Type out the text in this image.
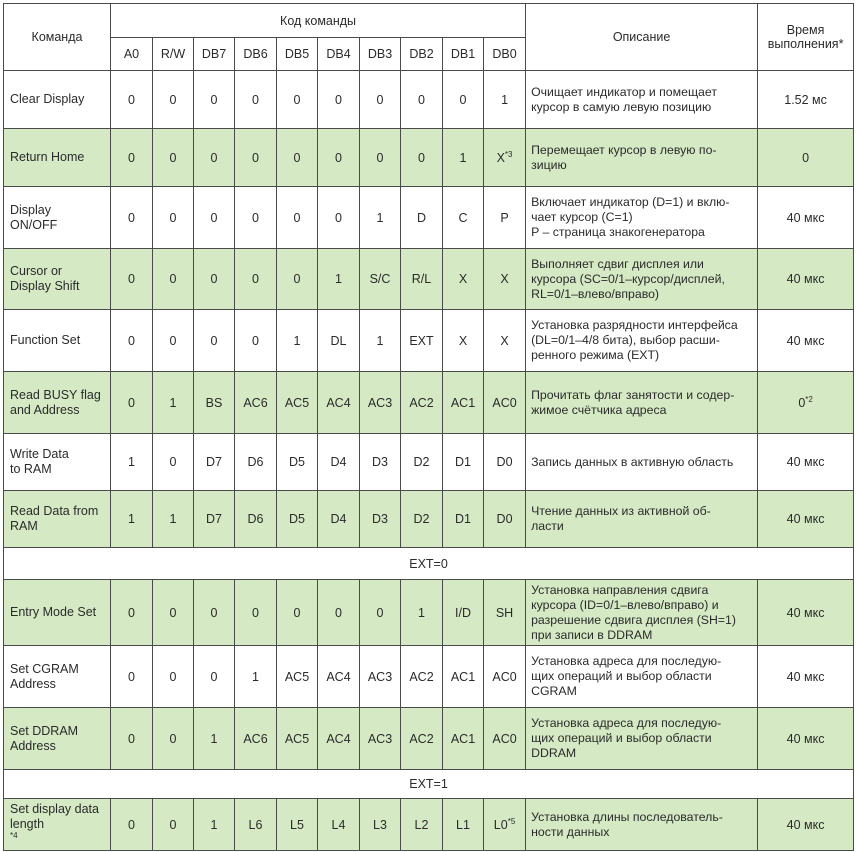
Команда	Код команды										Описание	Время
выполнения*

	A0	R/W	DB7	DB6	DB5	DB4	DB3	DB2	DB1	DB0		

Clear Display	0	0	0	0	0	0	0	0	0	1	Очищает индикатор и помещает
курсор в самую левую позицию	1.52 мс

Return Home	0	0	0	0	0	0	0	0	1	$X^{*3}$	Перемещает курсор в левую по-
зицию	0

Display
ON/OFF	0	0	0	0	0	0	1	D	C	P	Включает индикатор (D=1) и вклю-
чает курсор (C=1)
P – страница знакогенератора	40 мкс

Cursor or
Display Shift	0	0	0	0	0	1	S/C	R/L	X	X	Выполняет сдвиг дисплея или
курсора (SC=0/1–курсор/дисплей,
RL=0/1–влево/вправо)	40 мкс

Function Set	0	0	0	0	1	DL	1	EXT	X	X	Установка разрядности интерфейса
(DL=0/1–4/8 бита), выбор расши-
ренного режима (EXT)	40 мкс

Read BUSY flag
and Address	0	1	BS	AC6	AC5	AC4	AC3	AC2	AC1	AC0	Прочитать флаг занятости и содер-
жимое счётчика адреса	0$^{*2}$

Write Data
to RAM	1	0	D7	D6	D5	D4	D3	D2	D1	D0	Запись данных в активную область	40 мкс

Read Data from
RAM	1	1	D7	D6	D5	D4	D3	D2	D1	D0	Чтение данных из активной об-
ласти	40 мкс

EXT=0												

Entry Mode Set	0	0	0	0	0	0	0	1	I/D	SH	Установка направления сдвига
курсора (ID=0/1–влево/вправо) и
разрешение сдвига дисплея (SH=1)
при записи в DDRAM	40 мкс

Set CGRAM
Address	0	0	0	1	AC5	AC4	AC3	AC2	AC1	AC0	Установка адреса для последую-
щих операций и выбор области
CGRAM	40 мкс

Set DDRAM
Address	0	0	1	AC6	AC5	AC4	AC3	AC2	AC1	AC0	Установка адреса для последую-
щих операций и выбор области
DDRAM	40 мкс

EXT=1												

Set display data
length
$^{*4}$	0	0	1	L6	L5	L4	L3	L2	L1	L0$^{*5}$	Установка длины последователь-
ности данных	40 мкс
